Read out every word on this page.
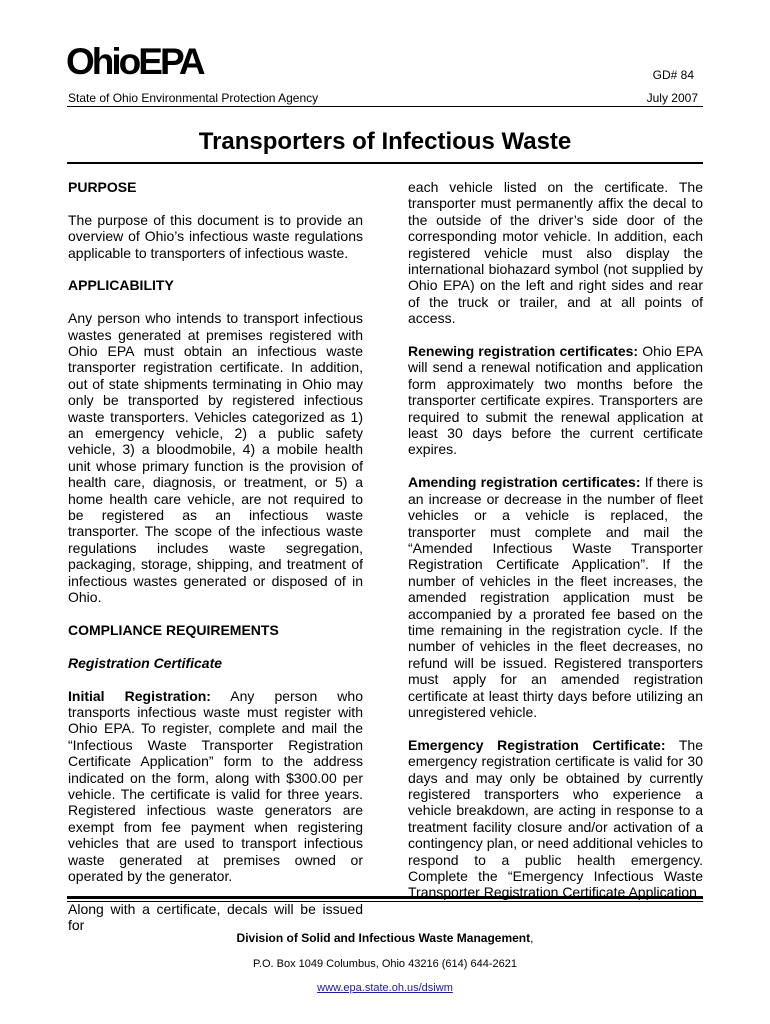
OhioEPA	GD# 84
State of Ohio Environmental Protection Agency	July 2007
Transporters of Infectious Waste
PURPOSE

The purpose of this document is to provide an overview of Ohio’s infectious waste regulations applicable to transporters of infectious waste.

APPLICABILITY

Any person who intends to transport infectious wastes generated at premises registered with Ohio EPA must obtain an infectious waste transporter registration certificate. In addition, out of state shipments terminating in Ohio may only be transported by registered infectious waste transporters. Vehicles categorized as 1) an emergency vehicle, 2) a public safety vehicle, 3) a bloodmobile, 4) a mobile health unit whose primary function is the provision of health care, diagnosis, or treatment, or 5) a home health care vehicle, are not required to be registered as an infectious waste transporter. The scope of the infectious waste regulations includes waste segregation, packaging, storage, shipping, and treatment of infectious wastes generated or disposed of in Ohio.

COMPLIANCE REQUIREMENTS
Registration Certificate

Initial Registration: Any person who transports infectious waste must register with Ohio EPA. To register, complete and mail the “Infectious Waste Transporter Registration Certificate Application” form to the address indicated on the form, along with $300.00 per vehicle. The certificate is valid for three years. Registered infectious waste generators are exempt from fee payment when registering vehicles that are used to transport infectious waste generated at premises owned or operated by the generator.

Along with a certificate, decals will be issued for

each vehicle listed on the certificate. The transporter must permanently affix the decal to the outside of the driver’s side door of the corresponding motor vehicle. In addition, each registered vehicle must also display the international biohazard symbol (not supplied by Ohio EPA) on the left and right sides and rear of the truck or trailer, and at all points of access.

Renewing registration certificates: Ohio EPA will send a renewal notification and application form approximately two months before the transporter certificate expires. Transporters are required to submit the renewal application at least 30 days before the current certificate expires.

Amending registration certificates: If there is an increase or decrease in the number of fleet vehicles or a vehicle is replaced, the transporter must complete and mail the “Amended Infectious Waste Transporter Registration Certificate Application”. If the number of vehicles in the fleet increases, the amended registration application must be accompanied by a prorated fee based on the time remaining in the registration cycle. If the number of vehicles in the fleet decreases, no refund will be issued. Registered transporters must apply for an amended registration certificate at least thirty days before utilizing an unregistered vehicle.

Emergency Registration Certificate: The emergency registration certificate is valid for 30 days and may only be obtained by currently registered transporters who experience a vehicle breakdown, are acting in response to a treatment facility closure and/or activation of a contingency plan, or need additional vehicles to respond to a public health emergency. Complete the “Emergency Infectious Waste Transporter Registration Certificate Application

Division of Solid and Infectious Waste Management,
P.O. Box 1049 Columbus, Ohio 43216 (614) 644-2621
www.epa.state.oh.us/dsiwm
